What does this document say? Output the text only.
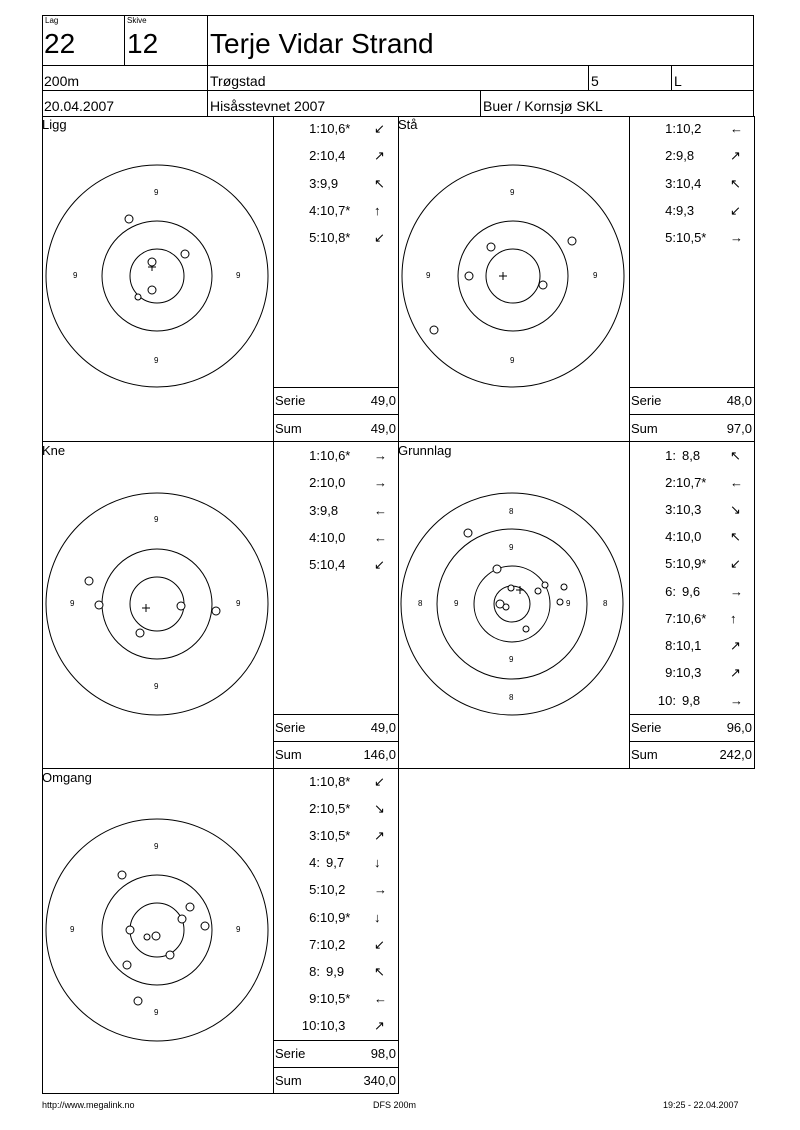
Lag
22
Skive
12 Terje Vidar Strand
200m	Trøgstad	5	L
20.04.2007	Hisåsstevnet 2007	Buer / Kornsjø SKL
Ligg
9
9
9	9
1: 10,6* ↙
2: 10,4 ↗
3: 9,9	↖
4: 10,7* ↑
5: 10,8* ↙
Serie	49,0
Sum	49,0
Stå
9
9
9	9
1: 10,2 ←
2: 9,8	↗
3: 10,4 ↖
4: 9,3	↙
5: 10,5* →
Serie	48,0
Sum	97,0
Kne
9
9
9	9
1: 10,6* →
2: 10,0 →
3: 9,8	←
4: 10,0 ←
5: 10,4 ↙
Serie	49,0
Sum	146,0
Grunnlag
8
8
8	8
9
9
9	9
1: 8,8 ↖
2: 10,7* ←
3: 10,3 ↘
4: 10,0 ↖
5: 10,9* ↙
6: 9,6 →
7: 10,6* ↑
8: 10,1 ↗
9: 10,3 ↗
10: 9,8 →
Serie	96,0
Sum	242,0
Omgang
9
9
9	9
1: 10,8* ↙
2: 10,5* ↘
3: 10,5* ↗
4: 9,7 ↓
5: 10,2 →
6: 10,9* ↓
7: 10,2 ↙
8: 9,9 ↖
9: 10,5* ←
10: 10,3 ↗
Serie	98,0
Sum	340,0
http://www.megalink.no	DFS 200m	19:25 - 22.04.2007
